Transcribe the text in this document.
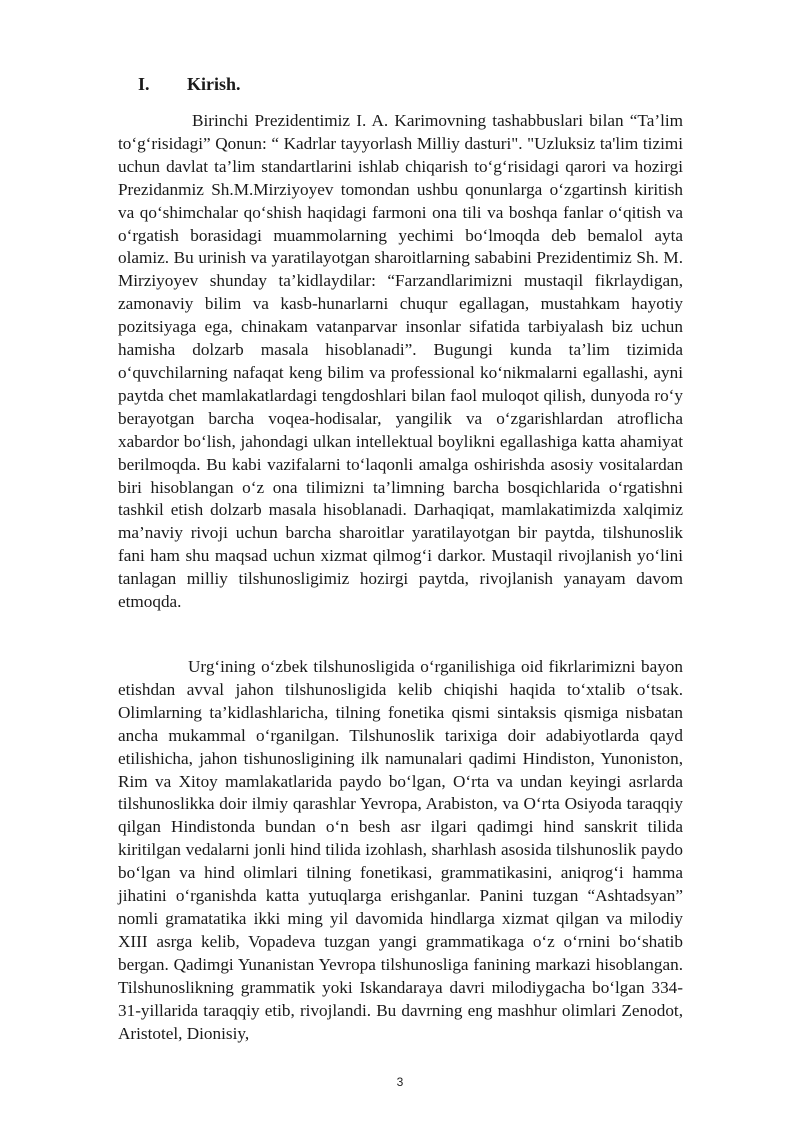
I.	Kirish.

Birinchi Prezidentimiz I. A. Karimovning tashabbuslari bilan “Ta’lim to‘g‘risidagi” Qonun: “ Kadrlar tayyorlash Milliy dasturi". "Uzluksiz ta'lim tizimi uchun davlat ta’lim standartlarini ishlab chiqarish to‘g‘risidagi qarori va hozirgi Prezidanmiz Sh.M.Mirziyoyev tomondan ushbu qonunlarga o‘zgartinsh kiritish va qo‘shimchalar qo‘shish haqidagi farmoni ona tili va boshqa fanlar o‘qitish va o‘rgatish borasidagi muammolarning yechimi bo‘lmoqda deb bemalol ayta olamiz. Bu urinish va yaratilayotgan sharoitlarning sababini Prezidentimiz Sh. M. Mirziyoyev shunday ta’kidlaydilar: “Farzandlarimizni mustaqil fikrlaydigan, zamonaviy bilim va kasb-hunarlarni chuqur egallagan, mustahkam hayotiy pozitsiyaga ega, chinakam vatanparvar insonlar sifatida tarbiyalash biz uchun hamisha dolzarb masala hisoblanadi”. Bugungi kunda ta’lim tizimida o‘quvchilarning nafaqat keng bilim va professional ko‘nikmalarni egallashi, ayni paytda chet mamlakatlardagi tengdoshlari bilan faol muloqot qilish, dunyoda ro‘y berayotgan barcha voqea-hodisalar, yangilik va o‘zgarishlardan atroflicha xabardor bo‘lish, jahondagi ulkan intellektual boylikni egallashiga katta ahamiyat berilmoqda. Bu kabi vazifalarni to‘laqonli amalga oshirishda asosiy vositalardan biri hisoblangan o‘z ona tilimizni ta’limning barcha bosqichlarida o‘rgatishni tashkil etish dolzarb masala hisoblanadi. Darhaqiqat, mamlakatimizda xalqimiz ma’naviy rivoji uchun barcha sharoitlar yaratilayotgan bir paytda, tilshunoslik fani ham shu maqsad uchun xizmat qilmog‘i darkor. Mustaqil rivojlanish yo‘lini tanlagan milliy tilshunosligimiz hozirgi paytda, rivojlanish yanayam davom etmoqda.

Urg‘ining o‘zbek tilshunosligida o‘rganilishiga oid fikrlarimizni bayon etishdan avval jahon tilshunosligida kelib chiqishi haqida to‘xtalib o‘tsak. Olimlarning ta’kidlashlaricha, tilning fonetika qismi sintaksis qismiga nisbatan ancha mukammal o‘rganilgan. Tilshunoslik tarixiga doir adabiyotlarda qayd etilishicha, jahon tishunosligining ilk namunalari qadimi Hindiston, Yunoniston, Rim va Xitoy mamlakatlarida paydo bo‘lgan, O‘rta va undan keyingi asrlarda tilshunoslikka doir ilmiy qarashlar Yevropa, Arabiston, va O‘rta Osiyoda taraqqiy qilgan Hindistonda bundan o‘n besh asr ilgari qadimgi hind sanskrit tilida kiritilgan vedalarni jonli hind tilida izohlash, sharhlash asosida tilshunoslik paydo bo‘lgan va hind olimlari tilning fonetikasi, grammatikasini, aniqrog‘i hamma jihatini o‘rganishda katta yutuqlarga erishganlar. Panini tuzgan “Ashtadsyan” nomli gramatatika ikki ming yil davomida hindlarga xizmat qilgan va milodiy XIII asrga kelib, Vopadeva tuzgan yangi grammatikaga o‘z o‘rnini bo‘shatib bergan. Qadimgi Yunanistan Yevropa tilshunosliga fanining markazi hisoblangan. Tilshunoslikning grammatik yoki Iskandaraya davri milodiygacha bo‘lgan 334-31-yillarida taraqqiy etib, rivojlandi. Bu davrning eng mashhur olimlari Zenodot, Aristotel, Dionisiy,

3
